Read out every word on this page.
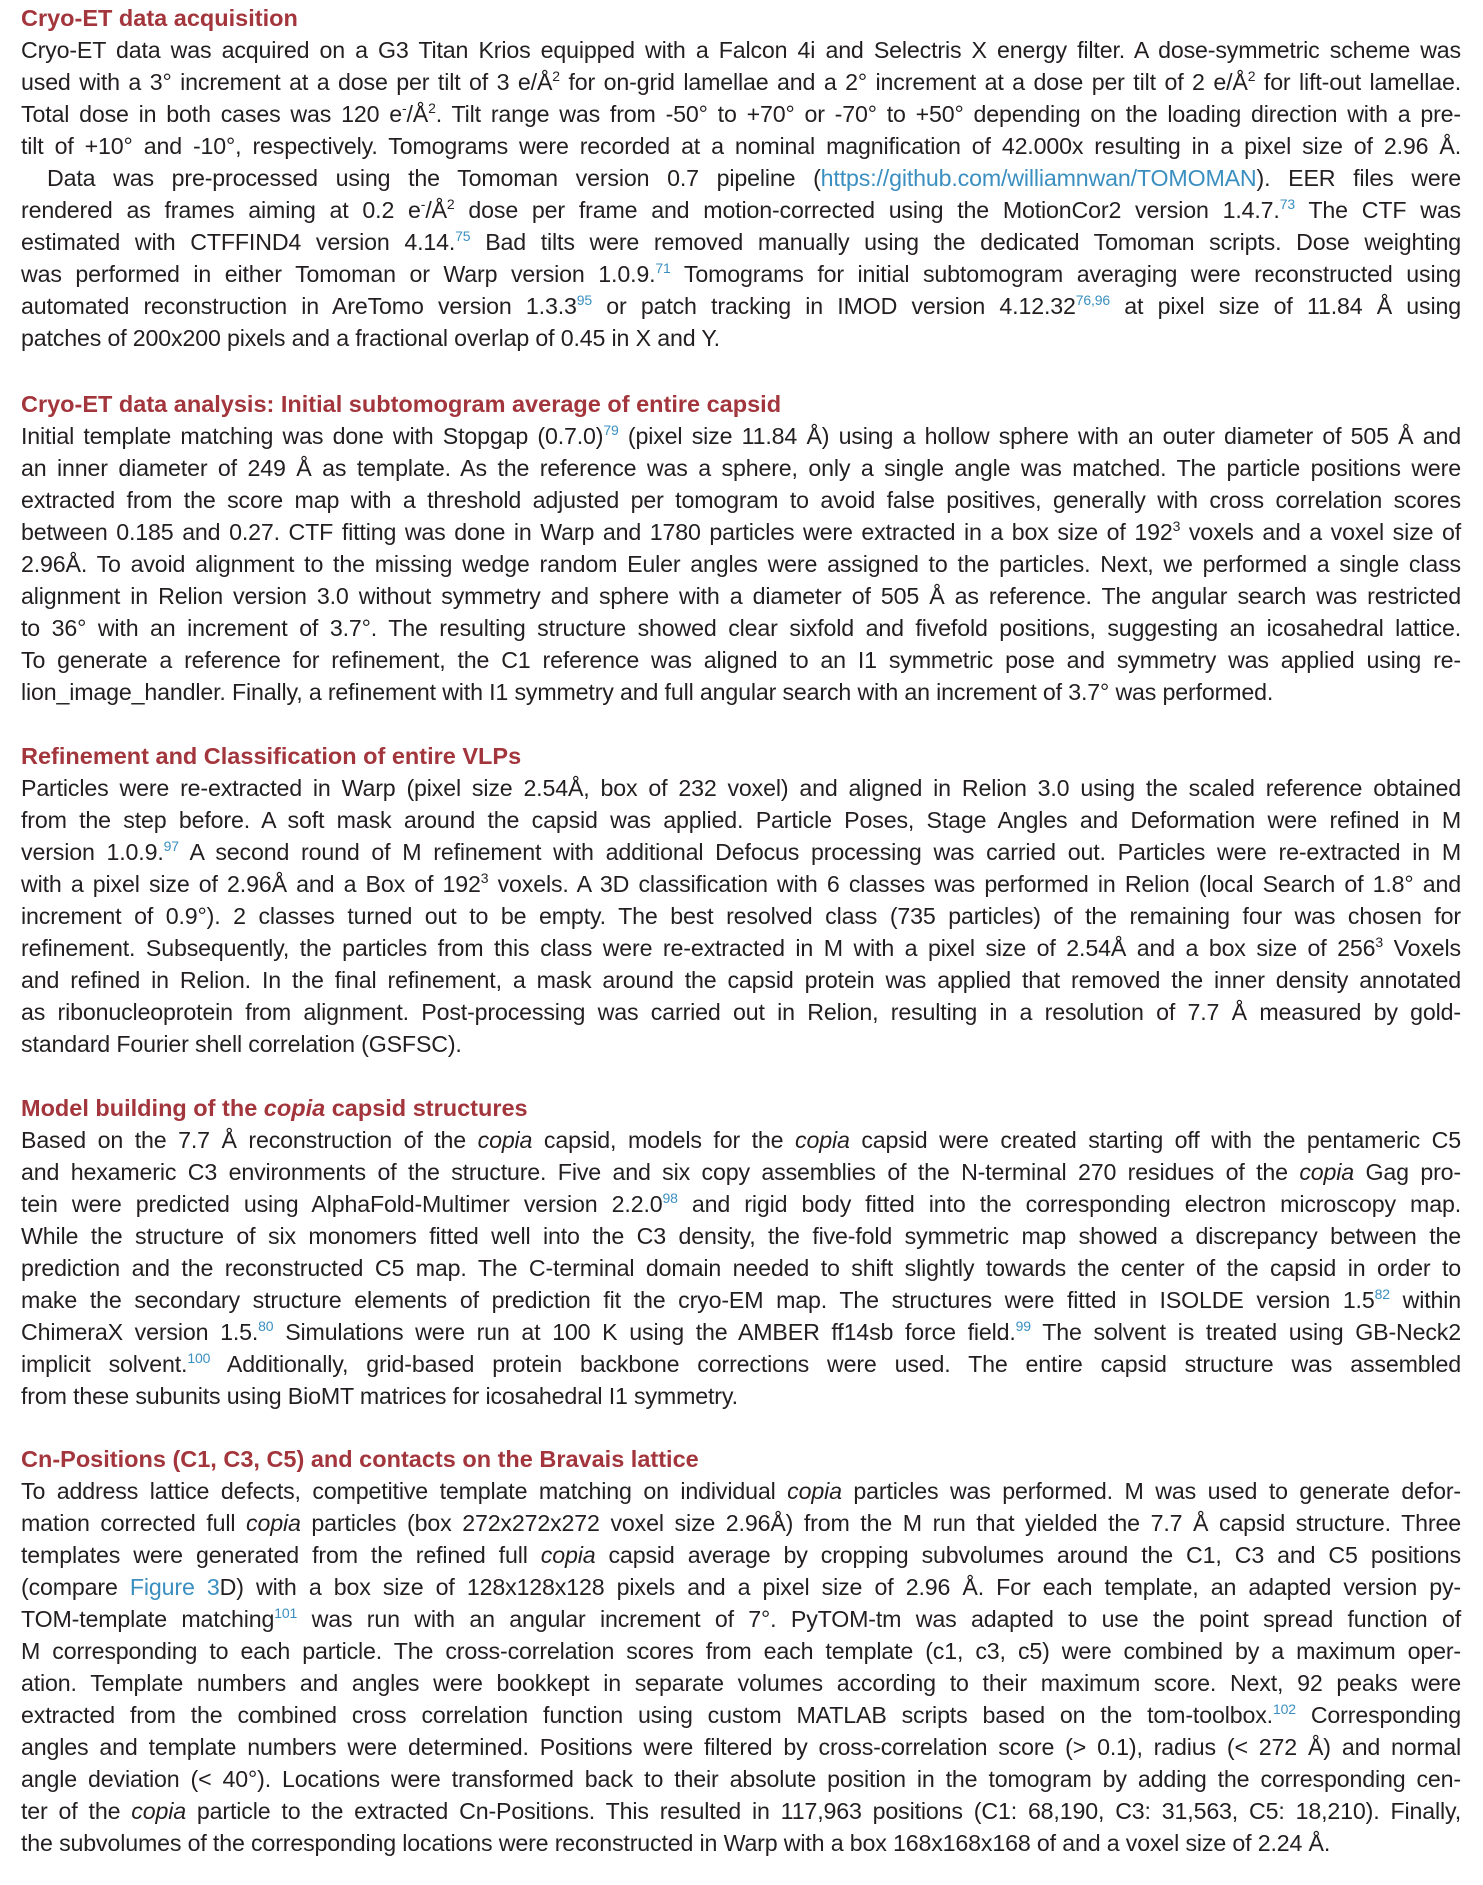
Cryo-ET data acquisition
Cryo-ET data was acquired on a G3 Titan Krios equipped with a Falcon 4i and Selectris X energy filter. A dose-symmetric scheme was
used with a 3° increment at a dose per tilt of 3 $e/Å^2$ for on-grid lamellae and a 2° increment at a dose per tilt of 2 $e/Å^2$ for lift-out lamellae.
Total dose in both cases was 120 $e^-/Å^2$. Tilt range was from -50° to +70° or -70° to +50° depending on the loading direction with a pre-
tilt of +10° and -10°, respectively. Tomograms were recorded at a nominal magnification of 42.000x resulting in a pixel size of 2.96 Å.
Data was pre-processed using the Tomoman version 0.7 pipeline (https://github.com/williamnwan/TOMOMAN). EER files were
rendered as frames aiming at 0.2 $e^-/Å^2$ dose per frame and motion-corrected using the MotionCor2 version 1.4.7.73 The CTF was
estimated with CTFFIND4 version 4.14.75 Bad tilts were removed manually using the dedicated Tomoman scripts. Dose weighting
was performed in either Tomoman or Warp version 1.0.9.71 Tomograms for initial subtomogram averaging were reconstructed using
automated reconstruction in AreTomo version 1.3.3$^{95}$ or patch tracking in IMOD version 4.12.32$^{76,96}$ at pixel size of 11.84 Å using
patches of 200x200 pixels and a fractional overlap of 0.45 in X and Y.
Cryo-ET data analysis: Initial subtomogram average of entire capsid
Initial template matching was done with Stopgap (0.7.0)$^{79}$ (pixel size 11.84 Å) using a hollow sphere with an outer diameter of 505 Å and
an inner diameter of 249 Å as template. As the reference was a sphere, only a single angle was matched. The particle positions were
extracted from the score map with a threshold adjusted per tomogram to avoid false positives, generally with cross correlation scores
between 0.185 and 0.27. CTF fitting was done in Warp and 1780 particles were extracted in a box size of $192^3$ voxels and a voxel size of
2.96Å. To avoid alignment to the missing wedge random Euler angles were assigned to the particles. Next, we performed a single class
alignment in Relion version 3.0 without symmetry and sphere with a diameter of 505 Å as reference. The angular search was restricted
to 36° with an increment of 3.7°. The resulting structure showed clear sixfold and fivefold positions, suggesting an icosahedral lattice.
To generate a reference for refinement, the C1 reference was aligned to an I1 symmetric pose and symmetry was applied using re-
lion_image_handler. Finally, a refinement with I1 symmetry and full angular search with an increment of 3.7° was performed.
Refinement and Classification of entire VLPs
Particles were re-extracted in Warp (pixel size 2.54Å, box of 232 voxel) and aligned in Relion 3.0 using the scaled reference obtained
from the step before. A soft mask around the capsid was applied. Particle Poses, Stage Angles and Deformation were refined in M
version 1.0.9.97 A second round of M refinement with additional Defocus processing was carried out. Particles were re-extracted in M
with a pixel size of 2.96Å and a Box of $192^3$ voxels. A 3D classification with 6 classes was performed in Relion (local Search of 1.8° and
increment of 0.9°). 2 classes turned out to be empty. The best resolved class (735 particles) of the remaining four was chosen for
refinement. Subsequently, the particles from this class were re-extracted in M with a pixel size of 2.54Å and a box size of $256^3$ Voxels
and refined in Relion. In the final refinement, a mask around the capsid protein was applied that removed the inner density annotated
as ribonucleoprotein from alignment. Post-processing was carried out in Relion, resulting in a resolution of 7.7 Å measured by gold-
standard Fourier shell correlation (GSFSC).
Model building of the copia capsid structures
Based on the 7.7 Å reconstruction of the copia capsid, models for the copia capsid were created starting off with the pentameric C5
and hexameric C3 environments of the structure. Five and six copy assemblies of the N-terminal 270 residues of the copia Gag pro-
tein were predicted using AlphaFold-Multimer version 2.2.0$^{98}$ and rigid body fitted into the corresponding electron microscopy map.
While the structure of six monomers fitted well into the C3 density, the five-fold symmetric map showed a discrepancy between the
prediction and the reconstructed C5 map. The C-terminal domain needed to shift slightly towards the center of the capsid in order to
make the secondary structure elements of prediction fit the cryo-EM map. The structures were fitted in ISOLDE version 1.5$^{82}$ within
ChimeraX version 1.5.80 Simulations were run at 100 K using the AMBER ff14sb force field.$^{99}$ The solvent is treated using GB-Neck2
implicit solvent.$^{100}$ Additionally, grid-based protein backbone corrections were used. The entire capsid structure was assembled
from these subunits using BioMT matrices for icosahedral I1 symmetry.
Cn-Positions (C1, C3, C5) and contacts on the Bravais lattice
To address lattice defects, competitive template matching on individual copia particles was performed. M was used to generate defor-
mation corrected full copia particles (box 272x272x272 voxel size 2.96Å) from the M run that yielded the 7.7 Å capsid structure. Three
templates were generated from the refined full copia capsid average by cropping subvolumes around the C1, C3 and C5 positions
(compare Figure 3D) with a box size of 128x128x128 pixels and a pixel size of 2.96 Å. For each template, an adapted version py-
TOM-template matching$^{101}$ was run with an angular increment of 7°. PyTOM-tm was adapted to use the point spread function of
M corresponding to each particle. The cross-correlation scores from each template (c1, c3, c5) were combined by a maximum oper-
ation. Template numbers and angles were bookkept in separate volumes according to their maximum score. Next, 92 peaks were
extracted from the combined cross correlation function using custom MATLAB scripts based on the tom-toolbox.$^{102}$ Corresponding
angles and template numbers were determined. Positions were filtered by cross-correlation score (> 0.1), radius (< 272 Å) and normal
angle deviation (< 40°). Locations were transformed back to their absolute position in the tomogram by adding the corresponding cen-
ter of the copia particle to the extracted Cn-Positions. This resulted in 117,963 positions (C1: 68,190, C3: 31,563, C5: 18,210). Finally,
the subvolumes of the corresponding locations were reconstructed in Warp with a box 168x168x168 of and a voxel size of 2.24 Å.
